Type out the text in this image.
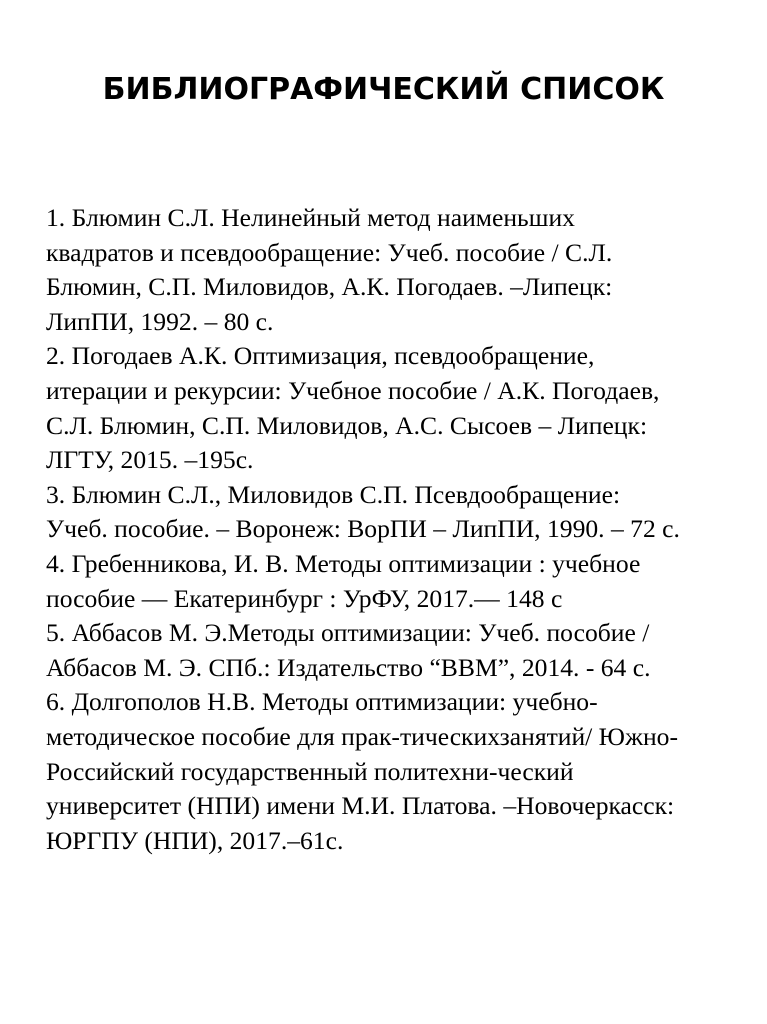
БИБЛИОГРАФИЧЕСКИЙ СПИСОК
1. Блюмин С.Л. Нелинейный метод наименьших
квадратов и псевдообращение: Учеб. пособие / С.Л.
Блюмин, С.П. Миловидов, А.К. Погодаев. –Липецк:
ЛипПИ, 1992. – 80 с.
2. Погодаев А.К. Оптимизация, псевдообращение,
итерации и рекурсии: Учебное пособие / А.К. Погодаев,
С.Л. Блюмин, С.П. Миловидов, А.С. Сысоев – Липецк:
ЛГТУ, 2015. –195с.
3. Блюмин С.Л., Миловидов С.П. Псевдообращение:
Учеб. пособие. – Воронеж: ВорПИ – ЛипПИ, 1990. – 72 с.
4. Гребенникова, И. В. Методы оптимизации : учебное
пособие — Екатеринбург : УрФУ, 2017.— 148 с
5. Аббасов М. Э.Методы оптимизации: Учеб. пособие /
Аббасов М. Э. СПб.: Издательство “ВВМ”, 2014. - 64 с.
6. Долгополов Н.В. Методы оптимизации: учебно-
методическое пособие для прак-тическихзанятий/ Южно-
Российский государственный политехни-ческий
университет (НПИ) имени М.И. Платова. –Новочеркасск:
ЮРГПУ (НПИ), 2017.–61с.
